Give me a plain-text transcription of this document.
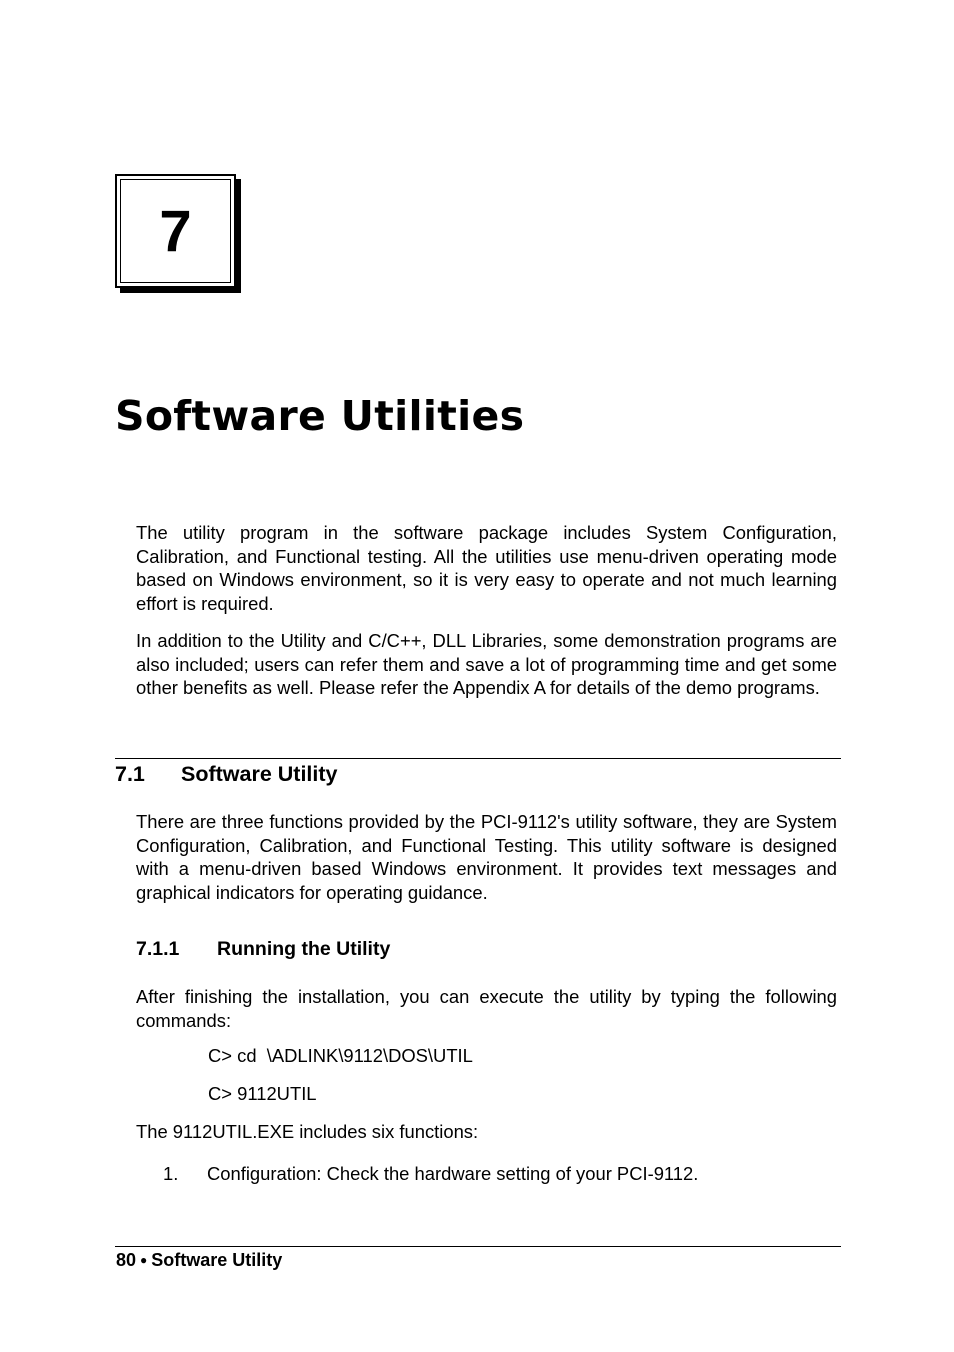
7
Software Utilities

The utility program in the software package includes System Configuration, Calibration, and Functional testing. All the utilities use menu-driven operating mode based on Windows environment, so it is very easy to operate and not much learning effort is required.

In addition to the Utility and C/C++, DLL Libraries, some demonstration programs are also included; users can refer them and save a lot of programming time and get some other benefits as well. Please refer the Appendix A for details of the demo programs.

7.1 Software Utility

There are three functions provided by the PCI-9112's utility software, they are System Configuration, Calibration, and Functional Testing. This utility software is designed with a menu-driven based Windows environment. It provides text messages and graphical indicators for operating guidance.

7.1.1 Running the Utility

After finishing the installation, you can execute the utility by typing the following commands:

C> cd  \ADLINK\9112\DOS\UTIL

C> 9112UTIL

The 9112UTIL.EXE includes six functions:

1. Configuration: Check the hardware setting of your PCI-9112.

80 ● Software Utility
